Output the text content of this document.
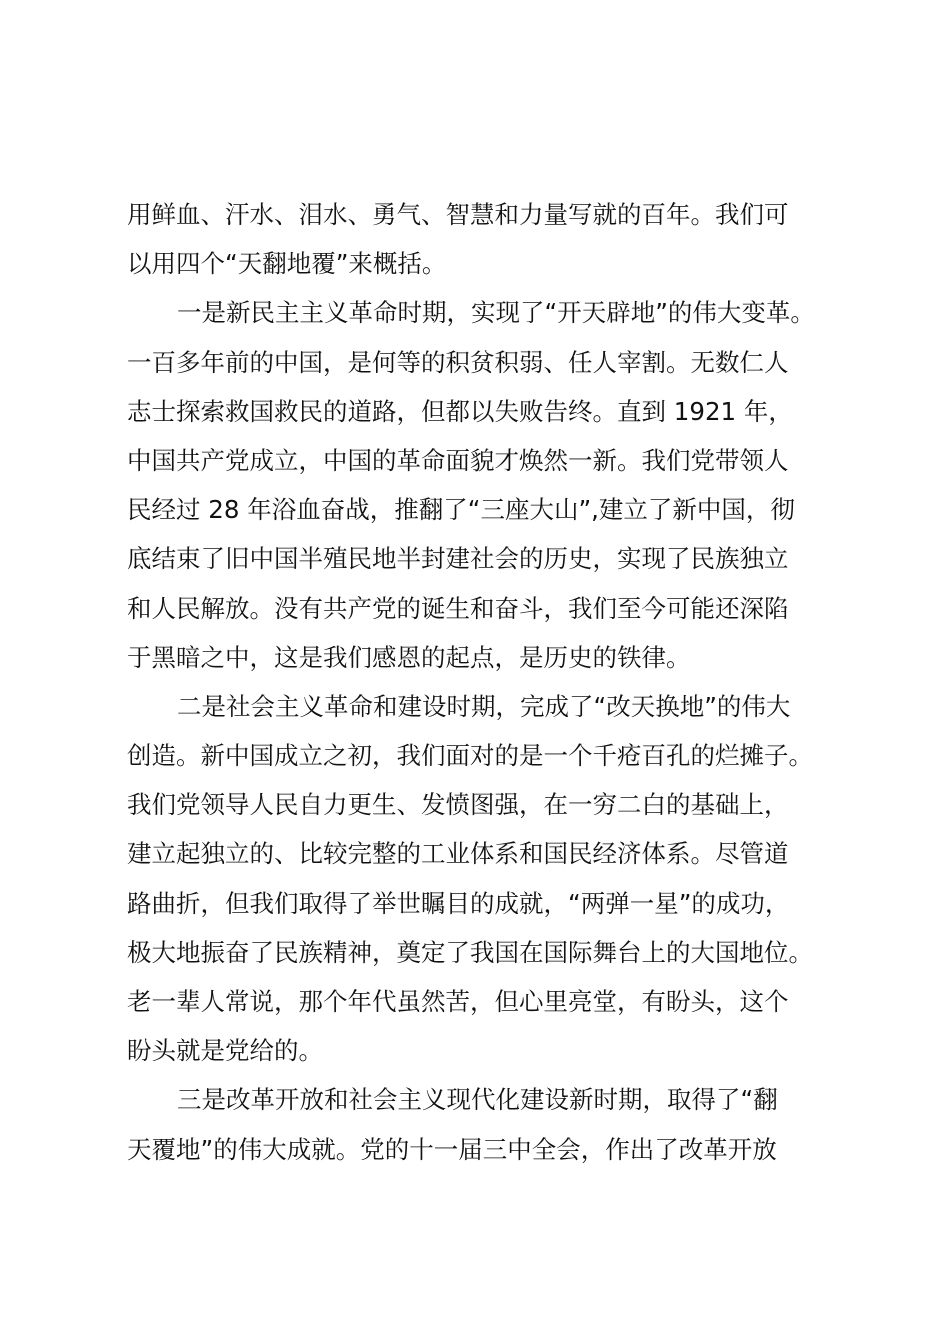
用鲜血、汗水、泪水、勇气、智慧和力量写就的百年。我们可
以用四个“天翻地覆”来概括。
一是新民主主义革命时期，实现了“开天辟地”的伟大变革。
一百多年前的中国，是何等的积贫积弱、任人宰割。无数仁人
志士探索救国救民的道路，但都以失败告终。直到 1921 年，
中国共产党成立，中国的革命面貌才焕然一新。我们党带领人
民经过 28 年浴血奋战，推翻了“三座大山”,建立了新中国，彻
底结束了旧中国半殖民地半封建社会的历史，实现了民族独立
和人民解放。没有共产党的诞生和奋斗，我们至今可能还深陷
于黑暗之中，这是我们感恩的起点，是历史的铁律。
二是社会主义革命和建设时期，完成了“改天换地”的伟大
创造。新中国成立之初，我们面对的是一个千疮百孔的烂摊子。
我们党领导人民自力更生、发愤图强，在一穷二白的基础上，
建立起独立的、比较完整的工业体系和国民经济体系。尽管道
路曲折，但我们取得了举世瞩目的成就，“两弹一星”的成功，
极大地振奋了民族精神，奠定了我国在国际舞台上的大国地位。
老一辈人常说，那个年代虽然苦，但心里亮堂，有盼头，这个
盼头就是党给的。
三是改革开放和社会主义现代化建设新时期，取得了“翻
天覆地”的伟大成就。党的十一届三中全会，作出了改革开放
